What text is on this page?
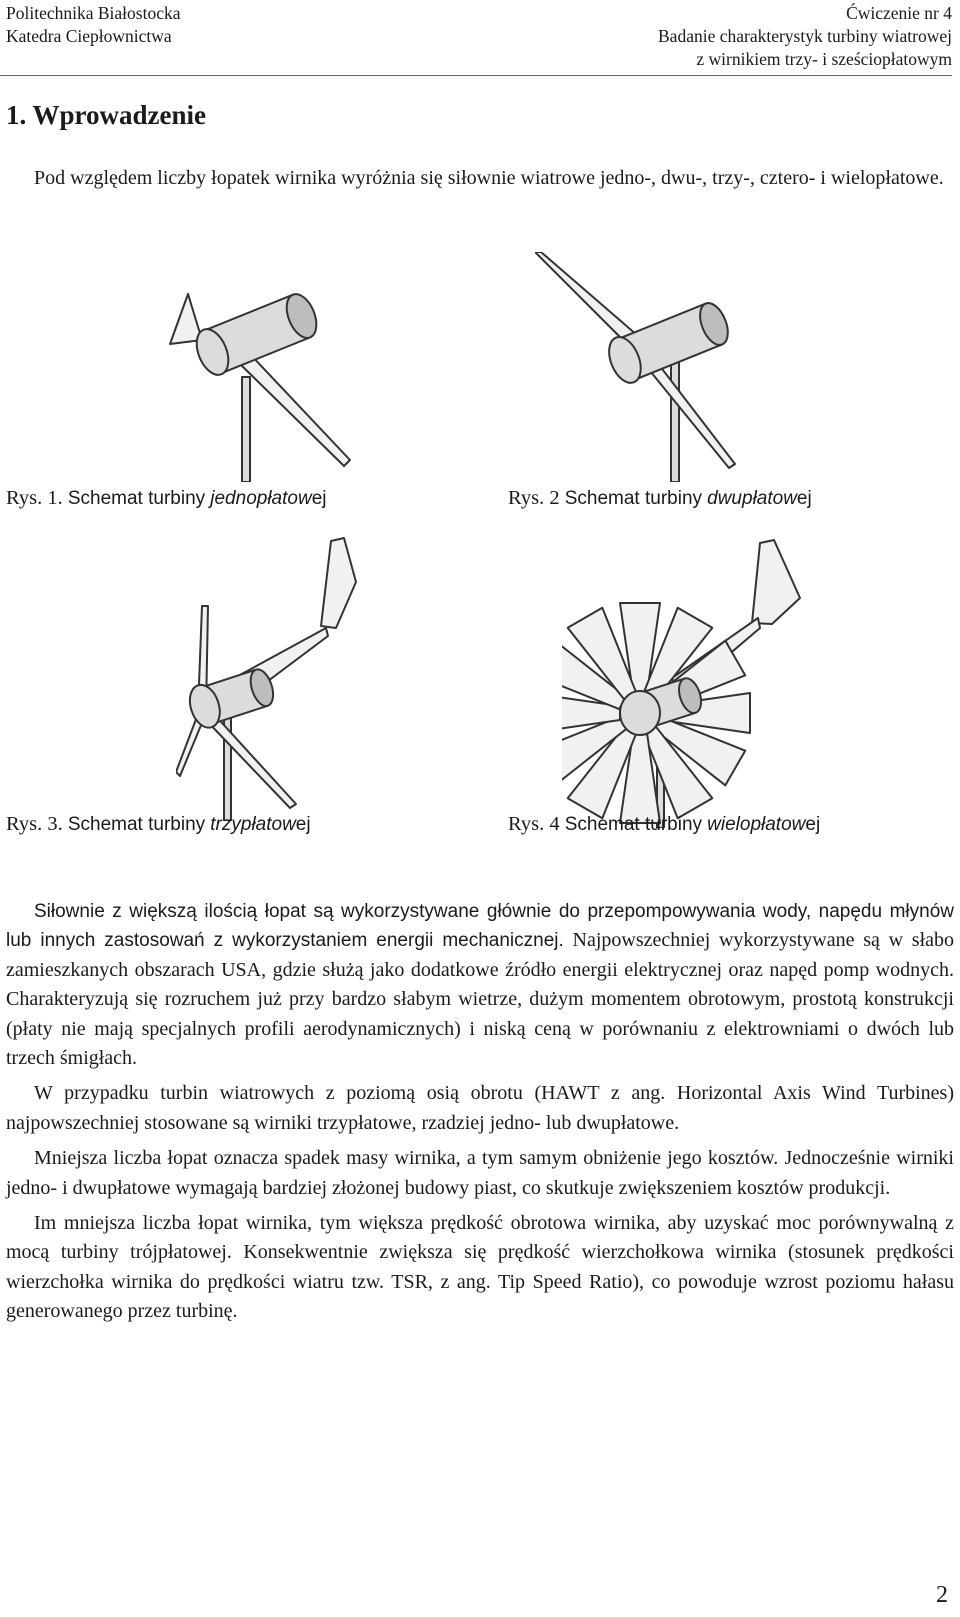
Politechnika Białostocka
Katedra Ciepłownictwa
Ćwiczenie nr 4
Badanie charakterystyk turbiny wiatrowej
z wirnikiem trzy- i sześciopłatowym
1. Wprowadzenie

Pod względem liczby łopatek wirnika wyróżnia się siłownie wiatrowe jedno-, dwu-, trzy-, cztero- i wielopłatowe.

Rys. 1. Schemat turbiny jednopłatowej	Rys. 2 Schemat turbiny dwupłatowej
Rys. 3. Schemat turbiny trzypłatowej	Rys. 4 Schemat turbiny wielopłatowej

Siłownie z większą ilością łopat są wykorzystywane głównie do przepompowywania wody, napędu młynów lub innych zastosowań z wykorzystaniem energii mechanicznej. Najpowszechniej wykorzystywane są w słabo zamieszkanych obszarach USA, gdzie służą jako dodatkowe źródło energii elektrycznej oraz napęd pomp wodnych. Charakteryzują się rozruchem już przy bardzo słabym wietrze, dużym momentem obrotowym, prostotą konstrukcji (płaty nie mają specjalnych profili aerodynamicznych) i niską ceną w porównaniu z elektrowniami o dwóch lub trzech śmigłach.

W przypadku turbin wiatrowych z poziomą osią obrotu (HAWT z ang. Horizontal Axis Wind Turbines) najpowszechniej stosowane są wirniki trzypłatowe, rzadziej jedno- lub dwupłatowe.

Mniejsza liczba łopat oznacza spadek masy wirnika, a tym samym obniżenie jego kosztów. Jednocześnie wirniki jedno- i dwupłatowe wymagają bardziej złożonej budowy piast, co skutkuje zwiększeniem kosztów produkcji.

Im mniejsza liczba łopat wirnika, tym większa prędkość obrotowa wirnika, aby uzyskać moc porównywalną z mocą turbiny trójpłatowej. Konsekwentnie zwiększa się prędkość wierzchołkowa wirnika (stosunek prędkości wierzchołka wirnika do prędkości wiatru tzw. TSR, z ang. Tip Speed Ratio), co powoduje wzrost poziomu hałasu generowanego przez turbinę.

2
